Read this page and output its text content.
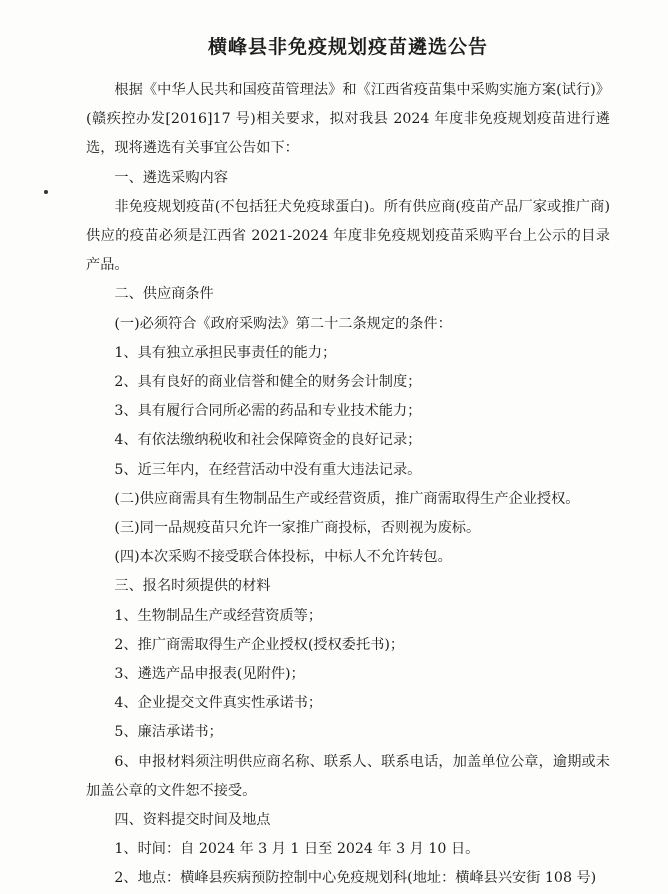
横峰县非免疫规划疫苗遴选公告

根据《中华人民共和国疫苗管理法》和《江西省疫苗集中采购实施方案(试行)》(赣疾控办发[2016]17 号)相关要求，拟对我县 2024 年度非免疫规划疫苗进行遴选，现将遴选有关事宜公告如下：

一、遴选采购内容

非免疫规划疫苗(不包括狂犬免疫球蛋白)。所有供应商(疫苗产品厂家或推广商)供应的疫苗必须是江西省 2021-2024 年度非免疫规划疫苗采购平台上公示的目录产品。

二、供应商条件

(一)必须符合《政府采购法》第二十二条规定的条件：

1、具有独立承担民事责任的能力；

2、具有良好的商业信誉和健全的财务会计制度；

3、具有履行合同所必需的药品和专业技术能力；

4、有依法缴纳税收和社会保障资金的良好记录；

5、近三年内，在经营活动中没有重大违法记录。

(二)供应商需具有生物制品生产或经营资质，推广商需取得生产企业授权。

(三)同一品规疫苗只允许一家推广商投标，否则视为废标。

(四)本次采购不接受联合体投标，中标人不允许转包。

三、报名时须提供的材料

1、生物制品生产或经营资质等；

2、推广商需取得生产企业授权(授权委托书)；

3、遴选产品申报表(见附件)；

4、企业提交文件真实性承诺书；

5、廉洁承诺书；

6、申报材料须注明供应商名称、联系人、联系电话，加盖单位公章，逾期或未加盖公章的文件恕不接受。

四、资料提交时间及地点

1、时间：自 2024 年 3 月 1 日至 2024 年 3 月 10 日。

2、地点：横峰县疾病预防控制中心免疫规划科(地址：横峰县兴安街 108 号)
